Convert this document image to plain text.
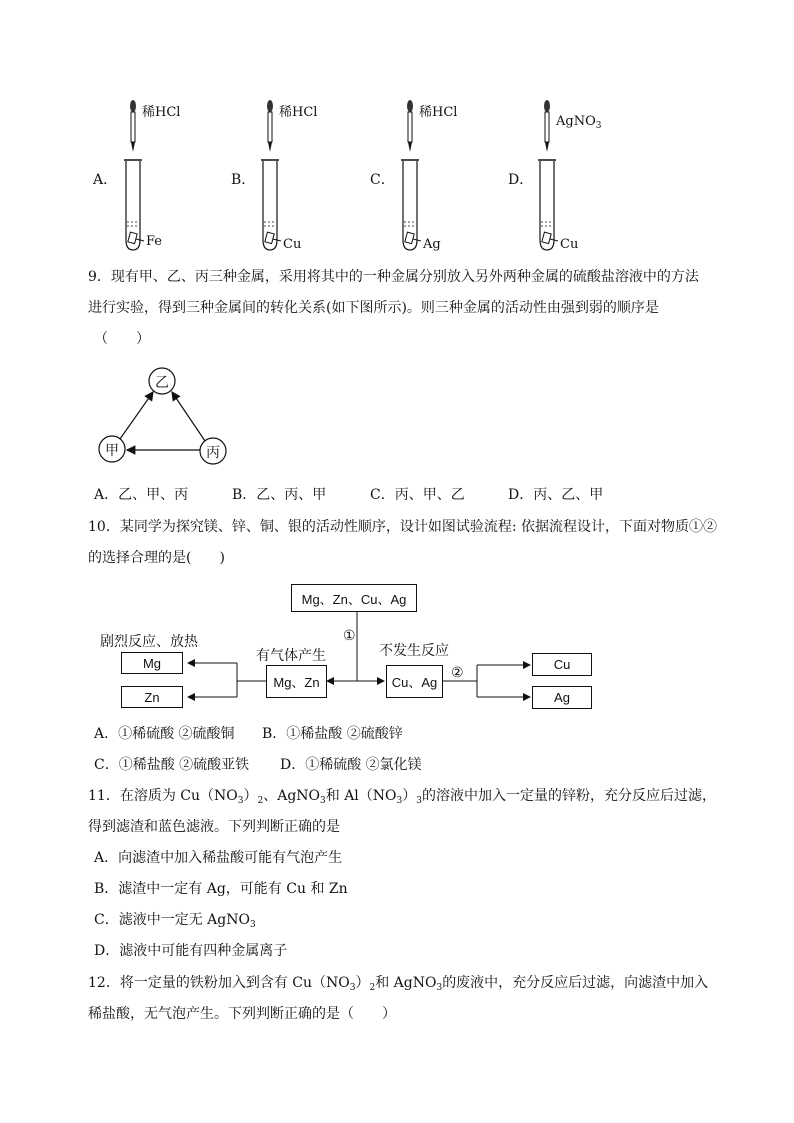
A．
稀HCl
Fe
B．
稀HCl
Cu
C．
稀HCl
Ag
D．
AgNO$_3$
Cu
9．现有甲、乙、丙三种金属，采用将其中的一种金属分别放入另外两种金属的硫酸盐溶液中的方法
进行实验，得到三种金属间的转化关系(如下图所示)。则三种金属的活动性由强到弱的顺序是
（　　）
乙
甲	丙
A．乙、甲、丙	B．乙、丙、甲	C．丙、甲、乙	D．丙、乙、甲
10．某同学为探究镁、锌、铜、银的活动性顺序，设计如图试验流程: 依据流程设计，下面对物质①②
的选择合理的是(　　)
Mg、Zn、Cu、Ag
①
不发生反应
有气体产生
剧烈反应、放热
Mg、Zn	Cu、Ag
②
Mg
Zn
Cu
Ag
A．①稀硫酸 ②硫酸铜 B．①稀盐酸 ②硫酸锌
C．①稀盐酸 ②硫酸亚铁 D．①稀硫酸 ②氯化镁
11．在溶质为 $Cu(NO_3)_2$、AgNO$_3$和 $Al(NO_3)_3$的溶液中加入一定量的锌粉，充分反应后过滤，
得到滤渣和蓝色滤液。下列判断正确的是
A．向滤渣中加入稀盐酸可能有气泡产生
B．滤渣中一定有 Ag，可能有 Cu 和 Zn
C．滤液中一定无 AgNO$_3$
D．滤液中可能有四种金属离子
12．将一定量的铁粉加入到含有 $Cu(NO_3)_2$和 AgNO$_3$的废液中，充分反应后过滤，向滤渣中加入
稀盐酸，无气泡产生。下列判断正确的是（　　）
